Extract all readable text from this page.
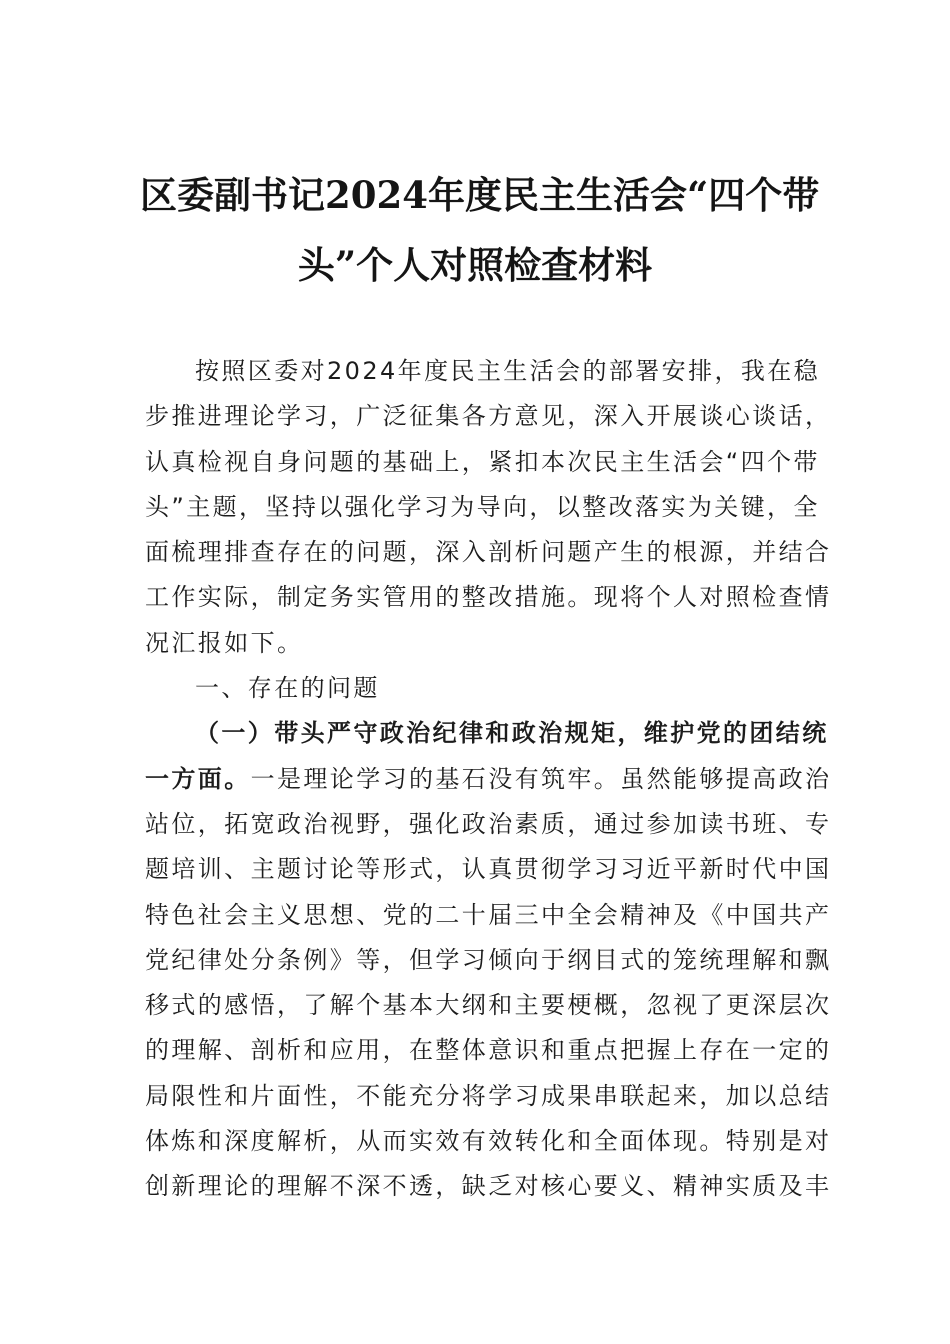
区委副书记2024年度民主生活会“四个带
头”个人对照检查材料
按照区委对2024年度民主生活会的部署安排，我在稳
步推进理论学习，广泛征集各方意见，深入开展谈心谈话，
认真检视自身问题的基础上，紧扣本次民主生活会“四个带
头”主题，坚持以强化学习为导向，以整改落实为关键，全
面梳理排查存在的问题，深入剖析问题产生的根源，并结合
工作实际，制定务实管用的整改措施。现将个人对照检查情
况汇报如下。
一、存在的问题
（一）带头严守政治纪律和政治规矩，维护党的团结统
一方面。一是理论学习的基石没有筑牢。虽然能够提高政治
站位，拓宽政治视野，强化政治素质，通过参加读书班、专
题培训、主题讨论等形式，认真贯彻学习习近平新时代中国
特色社会主义思想、党的二十届三中全会精神及《中国共产
党纪律处分条例》等，但学习倾向于纲目式的笼统理解和飘
移式的感悟，了解个基本大纲和主要梗概，忽视了更深层次
的理解、剖析和应用，在整体意识和重点把握上存在一定的
局限性和片面性，不能充分将学习成果串联起来，加以总结
体炼和深度解析，从而实效有效转化和全面体现。特别是对
创新理论的理解不深不透，缺乏对核心要义、精神实质及丰
